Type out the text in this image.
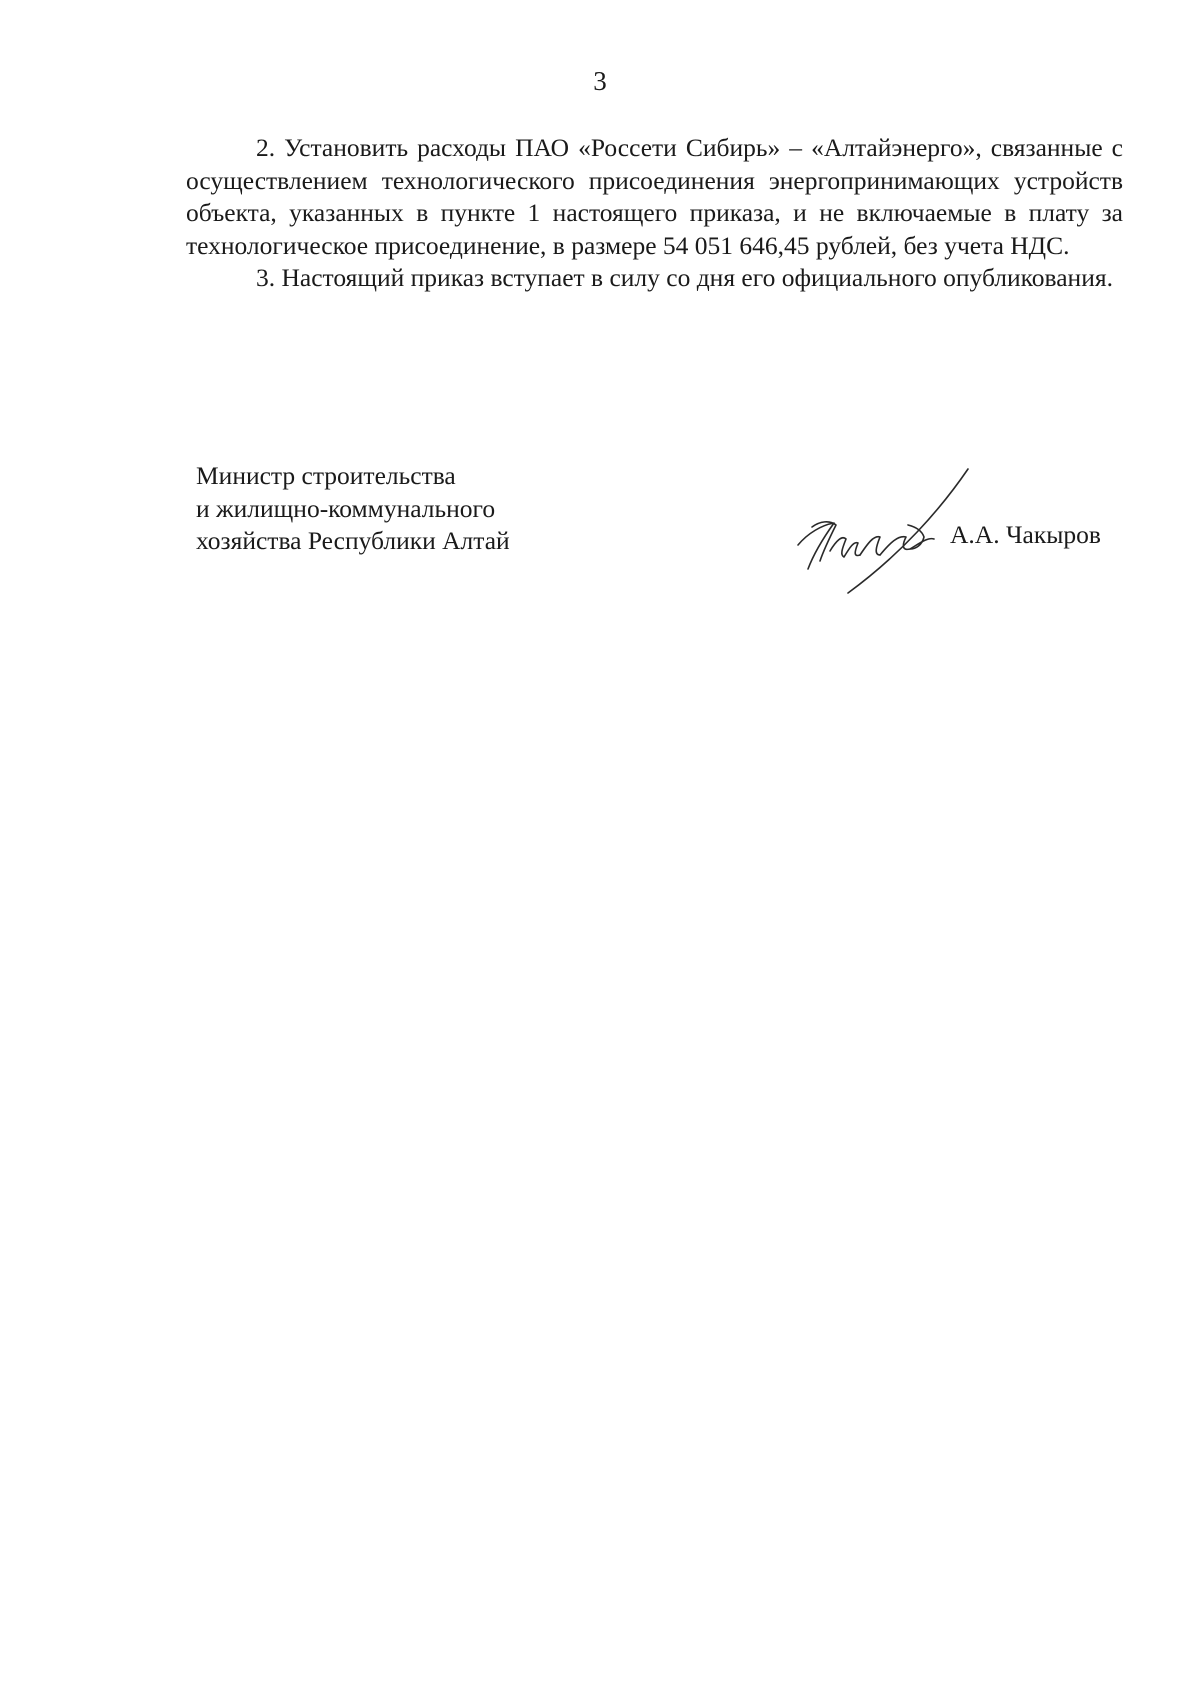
3

2. Установить расходы ПАО «Россети Сибирь» – «Алтайэнерго», связанные с осуществлением технологического присоединения энергопринимающих устройств объекта, указанных в пункте 1 настоящего приказа, и не включаемые в плату за технологическое присоединение, в размере 54 051 646,45 рублей, без учета НДС.

3. Настоящий приказ вступает в силу со дня его официального опубликования.

Министр строительства
и жилищно-коммунального
хозяйства Республики Алтай	А.А. Чакыров
